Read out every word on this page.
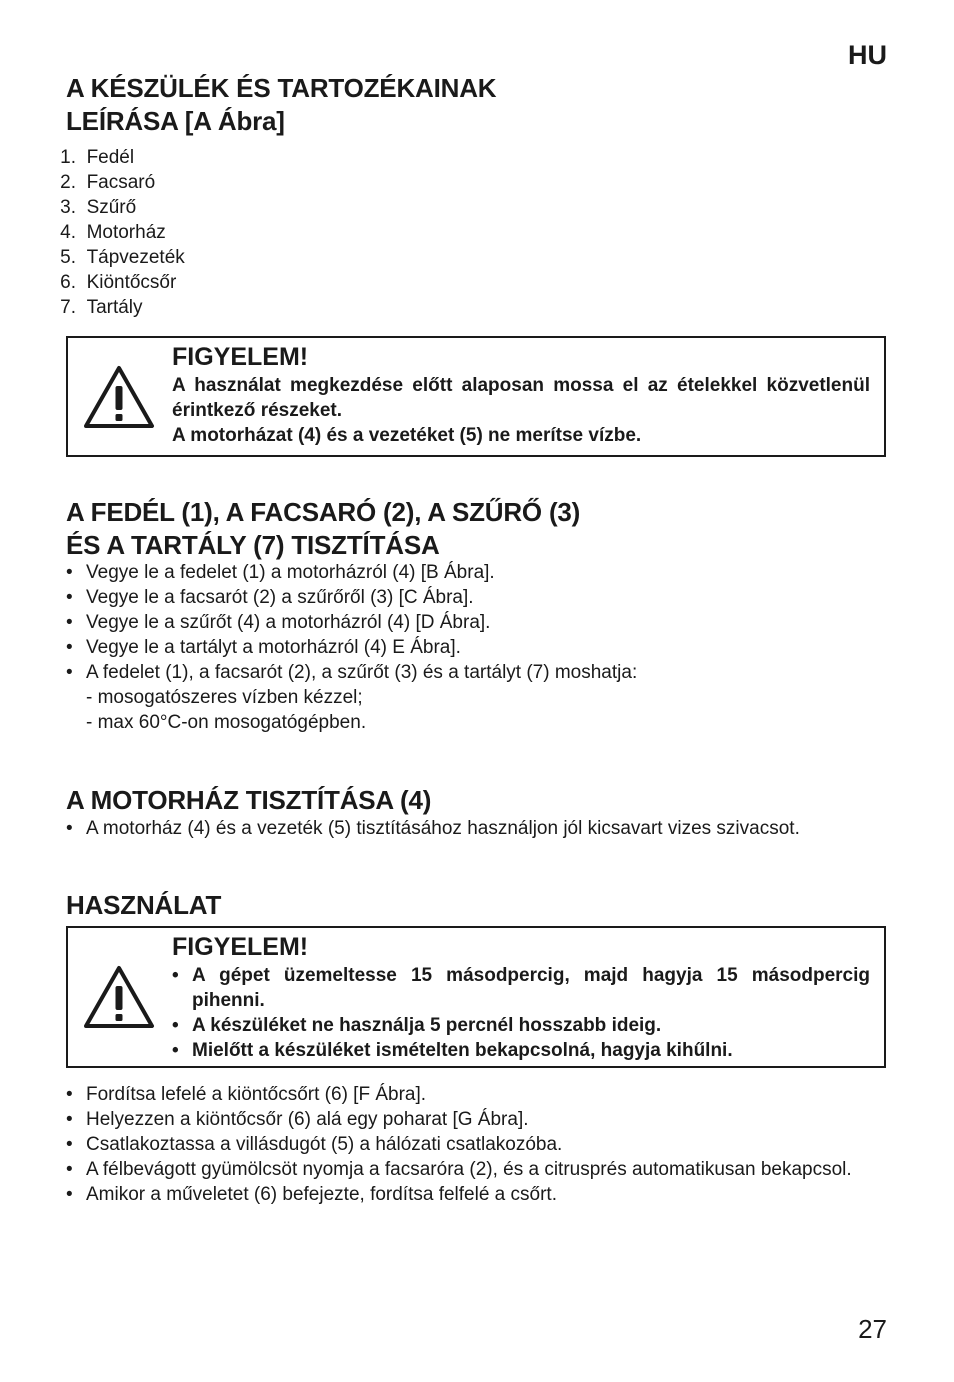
HU
A KÉSZÜLÉK ÉS TARTOZÉKAINAK
LEÍRÁSA [A Ábra]
1.
Fedél
2.
Facsaró
3.
Szűrő
4.
Motorház
5.
Tápvezeték
6.
Kiöntőcsőr
7.
Tartály
FIGYELEM!
A használat megkezdése előtt alaposan mossa el az ételekkel közvetlenül érintkező részeket.
A motorházat (4) és a vezetéket (5) ne merítse vízbe.
A FEDÉL (1), A FACSARÓ (2), A SZŰRŐ (3)
ÉS A TARTÁLY (7) TISZTÍTÁSA
• Vegye le a fedelet (1) a motorházról (4) [B Ábra].
• Vegye le a facsarót (2) a szűrőről (3) [C Ábra].
• Vegye le a szűrőt (4) a motorházról (4) [D Ábra].
• Vegye le a tartályt a motorházról (4) E Ábra].
• A fedelet (1), a facsarót (2), a szűrőt (3) és a tartályt (7) moshatja:
- mosogatószeres vízben kézzel;
- max 60°C-on mosogatógépben.
A MOTORHÁZ TISZTÍTÁSA (4)
• A motorház (4) és a vezeték (5) tisztításához használjon jól kicsavart vizes szivacsot.
HASZNÁLAT
FIGYELEM!
• A gépet üzemeltesse 15 másodpercig, majd hagyja 15 másodpercig pihenni.
• A készüléket ne használja 5 percnél hosszabb ideig.
• Mielőtt a készüléket ismételten bekapcsolná, hagyja kihűlni.
• Fordítsa lefelé a kiöntőcsőrt (6) [F Ábra].
• Helyezzen a kiöntőcsőr (6) alá egy poharat [G Ábra].
• Csatlakoztassa a villásdugót (5) a hálózati csatlakozóba.
• A félbevágott gyümölcsöt nyomja a facsaróra (2), és a citrusprés automatikusan bekapcsol.
• Amikor a műveletet (6) befejezte, fordítsa felfelé a csőrt.
27
